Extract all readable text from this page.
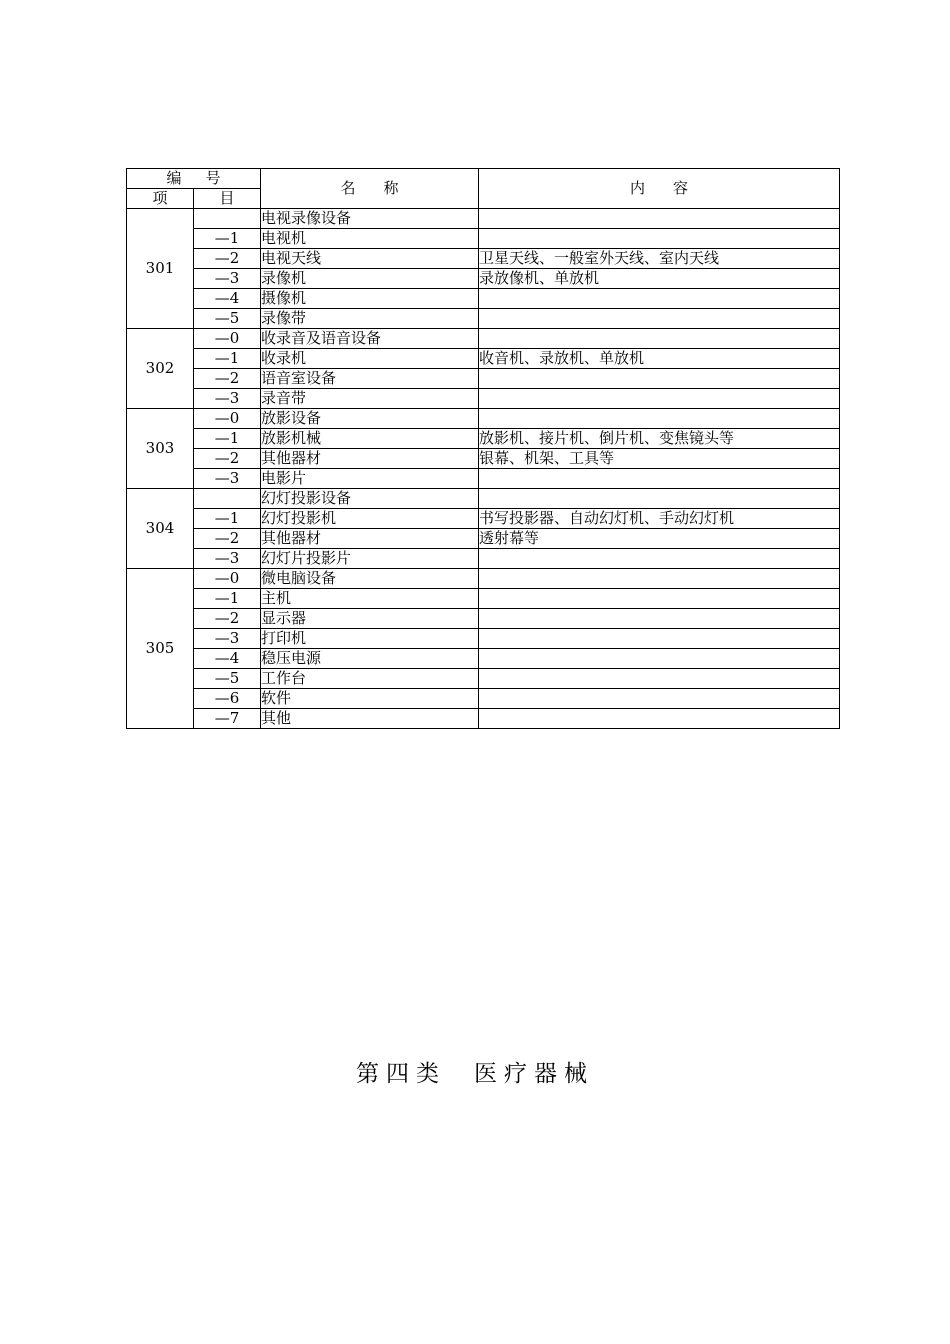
编 号		名 称	内 容
项	目		
301		电视录像设备	
	—1	电视机	
	—2	电视天线	卫星天线、一般室外天线、室内天线
	—3	录像机	录放像机、单放机
	—4	摄像机	
	—5	录像带	
302	—0	收录音及语音设备	
	—1	收录机	收音机、录放机、单放机
	—2	语音室设备	
	—3	录音带	
303	—0	放影设备	
	—1	放影机械	放影机、接片机、倒片机、变焦镜头等
	—2	其他器材	银幕、机架、工具等
	—3	电影片	
304		幻灯投影设备	
	—1	幻灯投影机	书写投影器、自动幻灯机、手动幻灯机
	—2	其他器材	透射幕等
	—3	幻灯片投影片	
305	—0	微电脑设备	
	—1	主机	
	—2	显示器	
	—3	打印机	
	—4	稳压电源	
	—5	工作台	
	—6	软件	
	—7	其他	
第四类 医疗器械
